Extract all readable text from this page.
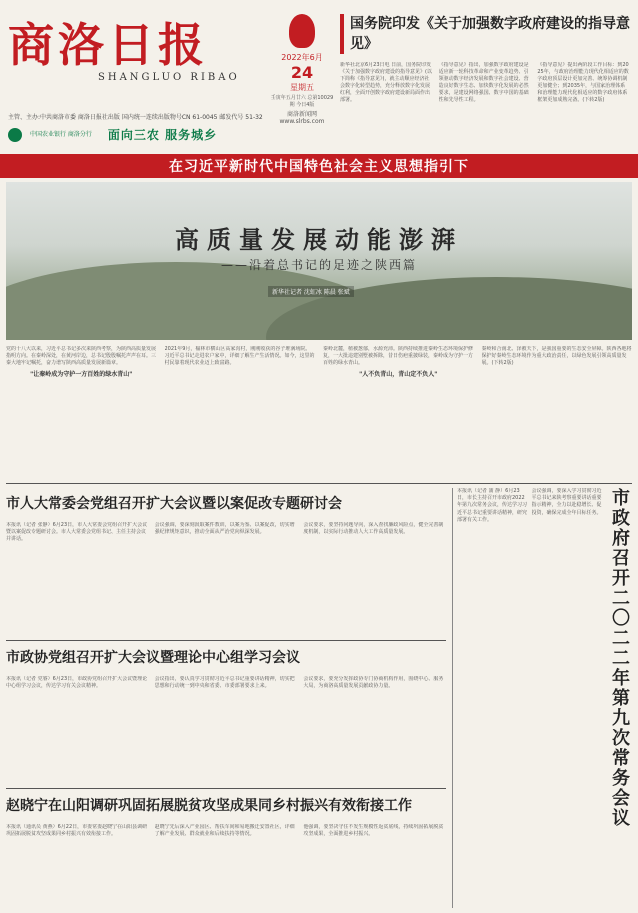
商洛日报
SHANGLUO RIBAO
主管、主办:中共商洛市委 商洛日报社出版 国内统一连续出版物号CN 61-0045 邮发代号 51-32
中国农业银行 商洛分行 面向三农 服务城乡
2022年6月
24
星期五
壬寅年五月廿六 总第10029期 今日4版
商洛新闻网 www.slrbs.com
国务院印发《关于加强数字政府建设的指导意见》
新华社北京6月23日电 日前，国务院印发《关于加强数字政府建设的指导意见》(以下简称《指导意见》)，就主动顺应经济社会数字化转型趋势，充分释放数字化发展红利，全面开创数字政府建设新局面作出部署。
《指导意见》指出，加强数字政府建设是适应新一轮科技革命和产业变革趋势、引领驱动数字经济发展和数字社会建设、营造良好数字生态、加快数字化发展的必然要求，是建设网络强国、数字中国的基础性和先导性工程。
《指导意见》提出两阶段工作目标：到2025年，与政府治理能力现代化相适应的数字政府顶层设计更加完善、统筹协调机制更加健全；到2035年，与国家治理体系和治理能力现代化相适应的数字政府体系框架更加成熟完备。(下转2版)
在习近平新时代中国特色社会主义思想指引下
高质量发展动能澎湃
——沿着总书记的足迹之陕西篇
新华社记者 沈虹冰 陈晨 张斌
党的十八大以来，习近平总书记多次来陕西考察，为陕西高质量发展指明方向。在秦岭深处，在黄河岸边，总书记殷殷嘱托声声在耳。三秦大地牢记嘱托，奋力谱写陕西高质量发展新篇章。
"让秦岭成为守护一方百姓的绿水青山"
2021年9月，榆林市横山区高家沟村，刚刚收获的谷子堆满场院。习近平总书记走进农户家中，详细了解生产生活情况。如今，这里的村民靠着现代农业迈上致富路。
秦岭北麓，植被葱郁，水源充沛。陕西持续推进秦岭生态环境保护修复，一大批违建别墅被拆除，昔日伤疤重披绿装，秦岭成为守护一方百姓的绿水青山。
"人不负青山，青山定不负人"
秦岭和合南北、泽被天下，是我国重要的生态安全屏障。陕西各地将保护好秦岭生态环境作为重大政治责任，以绿色发展引领高质量发展。(下转2版)
市人大常委会党组召开扩大会议暨以案促改专题研讨会
本报讯（记者 张静）6月23日，市人大常委会党组召开扩大会议暨以案促改专题研讨会。市人大常委会党组书记、主任主持会议并讲话。
会议强调，要深刻汲取案件教训，以案为鉴、以案促改，切实增强纪律规矩意识，推动全面从严治党向纵深发展。
会议要求，要坚持问题导向，深入查找廉政风险点，健全完善制度机制，以实际行动推动人大工作高质量发展。
市政协党组召开扩大会议暨理论中心组学习会议
本报讯（记者 党睿）6月23日，市政协党组召开扩大会议暨理论中心组学习会议，传达学习有关会议精神。
会议指出，要认真学习贯彻习近平总书记重要讲话精神，切实把思想和行动统一到中央和省委、市委部署要求上来。
会议要求，要充分发挥政协专门协商机构作用，围绕中心、服务大局，为商洛高质量发展贡献政协力量。
赵晓宁在山阳调研巩固拓展脱贫攻坚成果同乡村振兴有效衔接工作
本报讯（通讯员 黄燕）6月22日，市委常委赵晓宁在山阳县调研巩固拓展脱贫攻坚成果同乡村振兴有效衔接工作。
赵晓宁先后深入产业园区、帮扶车间和易地搬迁安置社区，详细了解产业发展、群众就业和后续扶持等情况。
他强调，要坚决守住不发生规模性返贫底线，持续巩固拓展脱贫攻坚成果，全面推进乡村振兴。
本报讯（记者 蒲 静）6月23日，市长主持召开市政府2022年第九次常务会议，传达学习习近平总书记重要讲话精神，研究部署有关工作。
会议强调，要深入学习贯彻习近平总书记来陕考察重要讲话重要指示精神，全力以赴稳增长、促投资，确保完成全年目标任务。 市政府召开二〇二二年第九次常务会议
